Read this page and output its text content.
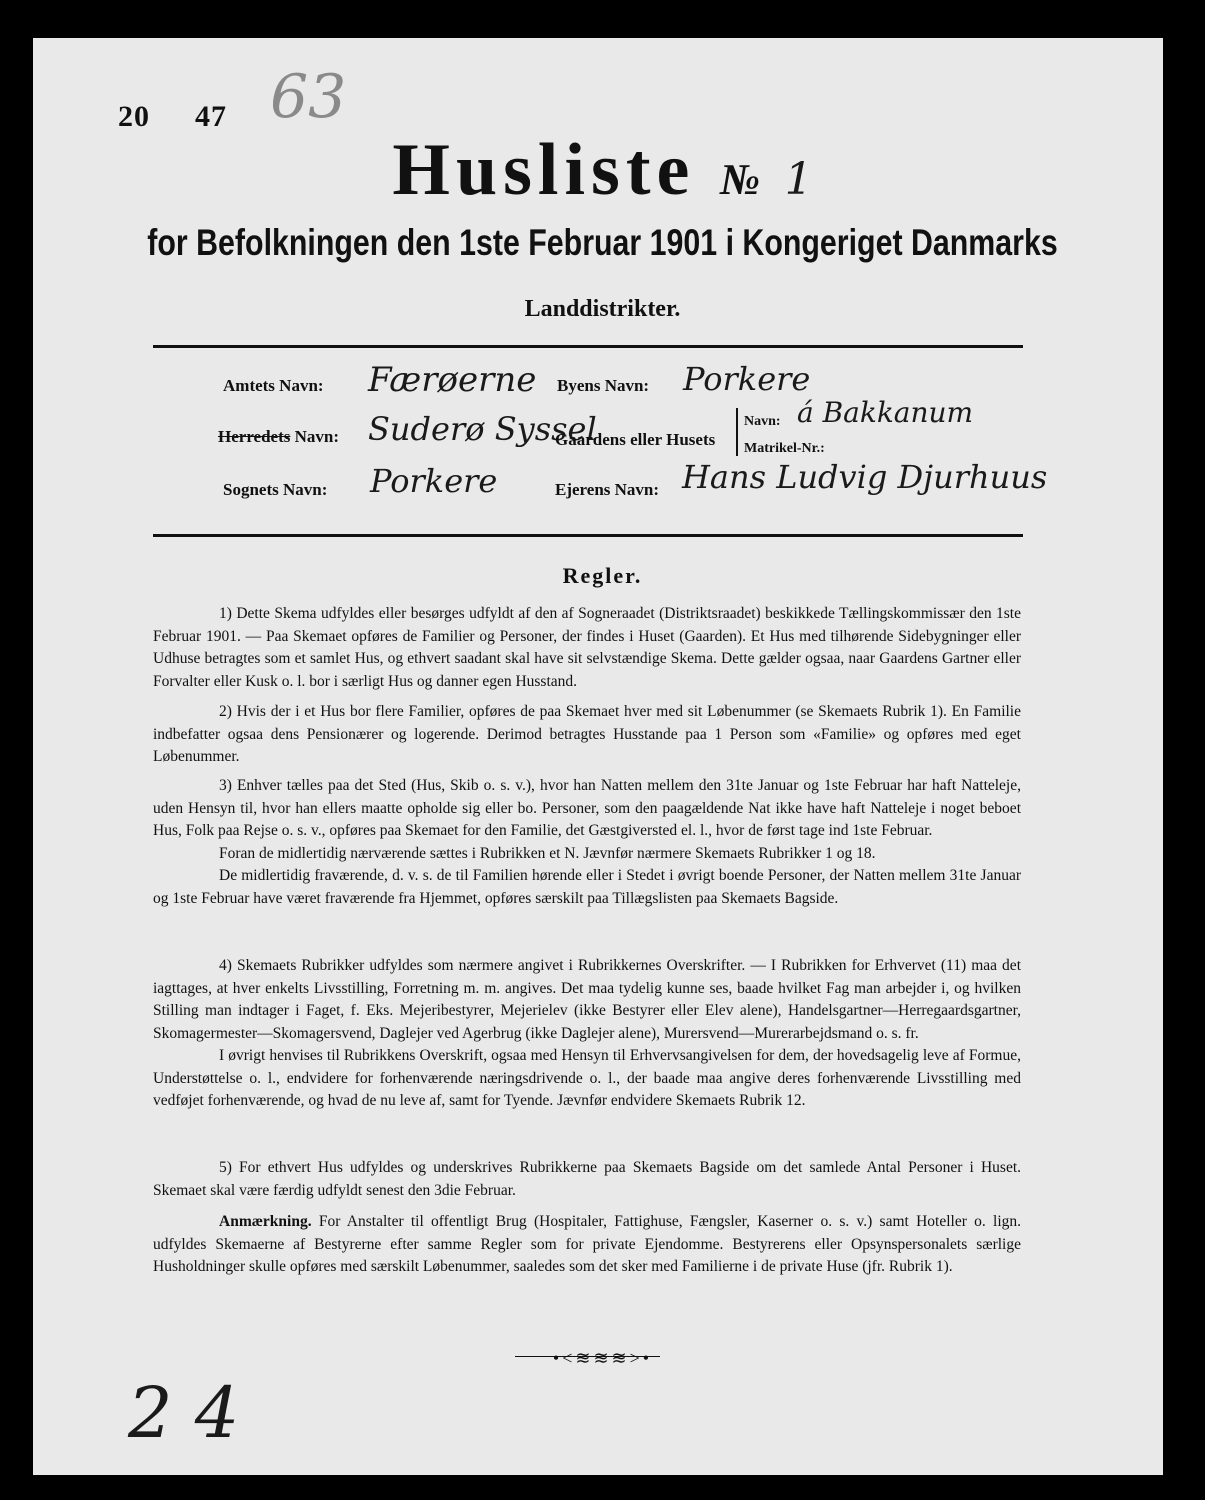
20 47 63
Husliste № 1
for Befolkningen den 1ste Februar 1901 i Kongeriget Danmarks
Landdistrikter.
Amtets Navn: Færøerne
Herredets Navn: Suderø Syssel
Sognets Navn: Porkere
Byens Navn: Porkere
Gaardens eller Husets
Navn: á Bakkanum
Matrikel-Nr.:
Ejerens Navn: Hans Ludvig Djurhuus
Regler.

1) Dette Skema udfyldes eller besørges udfyldt af den af Sogneraadet (Distriktsraadet) beskikkede Tællingskommissær den 1ste Februar 1901. — Paa Skemaet opføres de Familier og Personer, der findes i Huset (Gaarden). Et Hus med tilhørende Sidebygninger eller Udhuse betragtes som et samlet Hus, og ethvert saadant skal have sit selvstændige Skema. Dette gælder ogsaa, naar Gaardens Gartner eller Forvalter eller Kusk o. l. bor i særligt Hus og danner egen Husstand.

2) Hvis der i et Hus bor flere Familier, opføres de paa Skemaet hver med sit Løbenummer (se Skemaets Rubrik 1). En Familie indbefatter ogsaa dens Pensionærer og logerende. Derimod betragtes Husstande paa 1 Person som «Familie» og opføres med eget Løbenummer.

3) Enhver tælles paa det Sted (Hus, Skib o. s. v.), hvor han Natten mellem den 31te Januar og 1ste Februar har haft Natteleje, uden Hensyn til, hvor han ellers maatte opholde sig eller bo. Personer, som den paagældende Nat ikke have haft Natteleje i noget beboet Hus, Folk paa Rejse o. s. v., opføres paa Skemaet for den Familie, det Gæstgiversted el. l., hvor de først tage ind 1ste Februar.

Foran de midlertidig nærværende sættes i Rubrikken et N. Jævnfør nærmere Skemaets Rubrikker 1 og 18.

De midlertidig fraværende, d. v. s. de til Familien hørende eller i Stedet i øvrigt boende Personer, der Natten mellem 31te Januar og 1ste Februar have været fraværende fra Hjemmet, opføres særskilt paa Tillægslisten paa Skemaets Bagside.

4) Skemaets Rubrikker udfyldes som nærmere angivet i Rubrikkernes Overskrifter. — I Rubrikken for Erhvervet (11) maa det iagttages, at hver enkelts Livsstilling, Forretning m. m. angives. Det maa tydelig kunne ses, baade hvilket Fag man arbejder i, og hvilken Stilling man indtager i Faget, f. Eks. Mejeribestyrer, Mejerielev (ikke Bestyrer eller Elev alene), Handelsgartner—Herregaardsgartner, Skomagermester—Skomagersvend, Daglejer ved Agerbrug (ikke Daglejer alene), Murersvend—Murerarbejdsmand o. s. fr.

I øvrigt henvises til Rubrikkens Overskrift, ogsaa med Hensyn til Erhvervsangivelsen for dem, der hovedsagelig leve af Formue, Understøttelse o. l., endvidere for forhenværende næringsdrivende o. l., der baade maa angive deres forhenværende Livsstilling med vedføjet forhenværende, og hvad de nu leve af, samt for Tyende. Jævnfør endvidere Skemaets Rubrik 12.

5) For ethvert Hus udfyldes og underskrives Rubrikkerne paa Skemaets Bagside om det samlede Antal Personer i Huset. Skemaet skal være færdig udfyldt senest den 3die Februar.

Anmærkning. For Anstalter til offentligt Brug (Hospitaler, Fattighuse, Fængsler, Kaserner o. s. v.) samt Hoteller o. lign. udfyldes Skemaerne af Bestyrerne efter samme Regler som for private Ejendomme. Bestyrerens eller Opsynspersonalets særlige Husholdninger skulle opføres med særskilt Løbenummer, saaledes som det sker med Familierne i de private Huse (jfr. Rubrik 1).

•<≋≋≋>•
2 4
